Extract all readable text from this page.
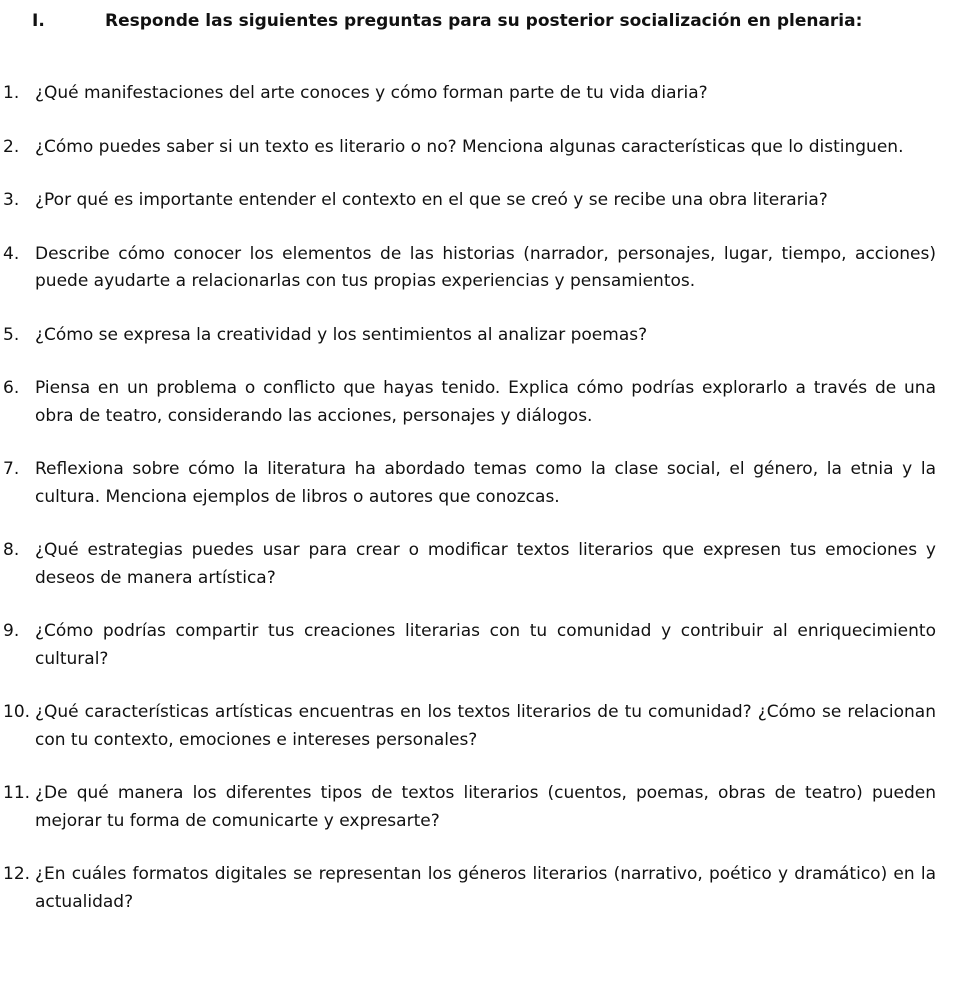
I.	Responde las siguientes preguntas para su posterior socialización en plenaria:
1. ¿Qué manifestaciones del arte conoces y cómo forman parte de tu vida diaria?
2. ¿Cómo puedes saber si un texto es literario o no? Menciona algunas características que lo distinguen.
3. ¿Por qué es importante entender el contexto en el que se creó y se recibe una obra literaria?
4. Describe cómo conocer los elementos de las historias (narrador, personajes, lugar, tiempo, acciones) puede ayudarte a relacionarlas con tus propias experiencias y pensamientos.
5. ¿Cómo se expresa la creatividad y los sentimientos al analizar poemas?
6. Piensa en un problema o conflicto que hayas tenido. Explica cómo podrías explorarlo a través de una obra de teatro, considerando las acciones, personajes y diálogos.
7. Reflexiona sobre cómo la literatura ha abordado temas como la clase social, el género, la etnia y la cultura. Menciona ejemplos de libros o autores que conozcas.
8. ¿Qué estrategias puedes usar para crear o modificar textos literarios que expresen tus emociones y deseos de manera artística?
9. ¿Cómo podrías compartir tus creaciones literarias con tu comunidad y contribuir al enriquecimiento cultural?
10. ¿Qué características artísticas encuentras en los textos literarios de tu comunidad? ¿Cómo se relacionan con tu contexto, emociones e intereses personales?
11. ¿De qué manera los diferentes tipos de textos literarios (cuentos, poemas, obras de teatro) pueden mejorar tu forma de comunicarte y expresarte?
12. ¿En cuáles formatos digitales se representan los géneros literarios (narrativo, poético y dramático) en la actualidad?
